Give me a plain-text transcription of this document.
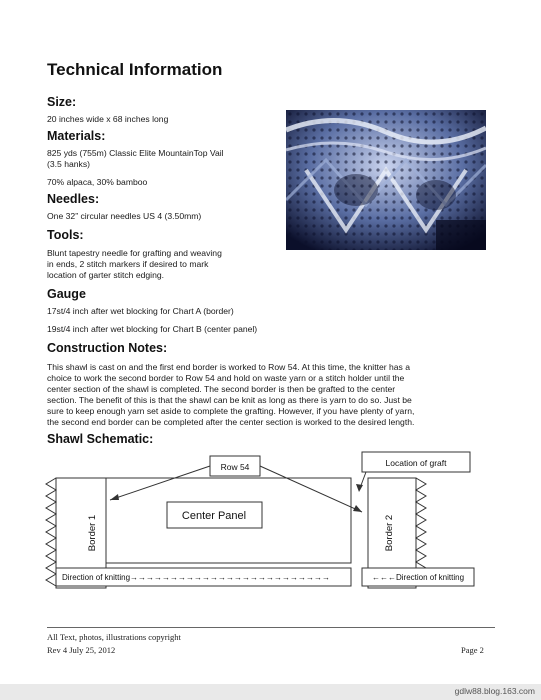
Technical Information
Size:

20 inches wide x 68 inches long

Materials:

825 yds (755m) Classic Elite MountainTop Vail

(3.5 hanks)

70% alpaca, 30% bamboo

Needles:

One 32” circular needles US 4 (3.50mm)

Tools:

Blunt tapestry needle for grafting and weaving

in ends, 2 stitch markers if desired to mark

location of garter stitch edging.

Gauge

17st/4 inch after wet blocking for Chart A (border)

19st/4 inch after wet blocking for Chart B (center panel)

Construction Notes:

This shawl is cast on and the first end border is worked to Row 54. At this time, the knitter has a

choice to work the second border to Row 54 and hold on waste yarn or a stitch holder until the

center section of the shawl is completed. The second border is then be grafted to the center

section. The benefit of this is that the shawl can be knit as long as there is yarn to do so. Just be

sure to keep enough yarn set aside to complete the grafting. However, if you have plenty of yarn,

the second end border can be completed after the center section is worked to the desired length.

Shawl Schematic:
Row 54	Location of graft
Center Panel
Border 1	Border 2
Direction of knitting→→→→→→→→→→→→→→→→→→→→→→→→→	←←←Direction of knitting

All Text, photos, illustrations copyright

Rev 4 July 25, 2012	Page 2

gdlw88.blog.163.com
